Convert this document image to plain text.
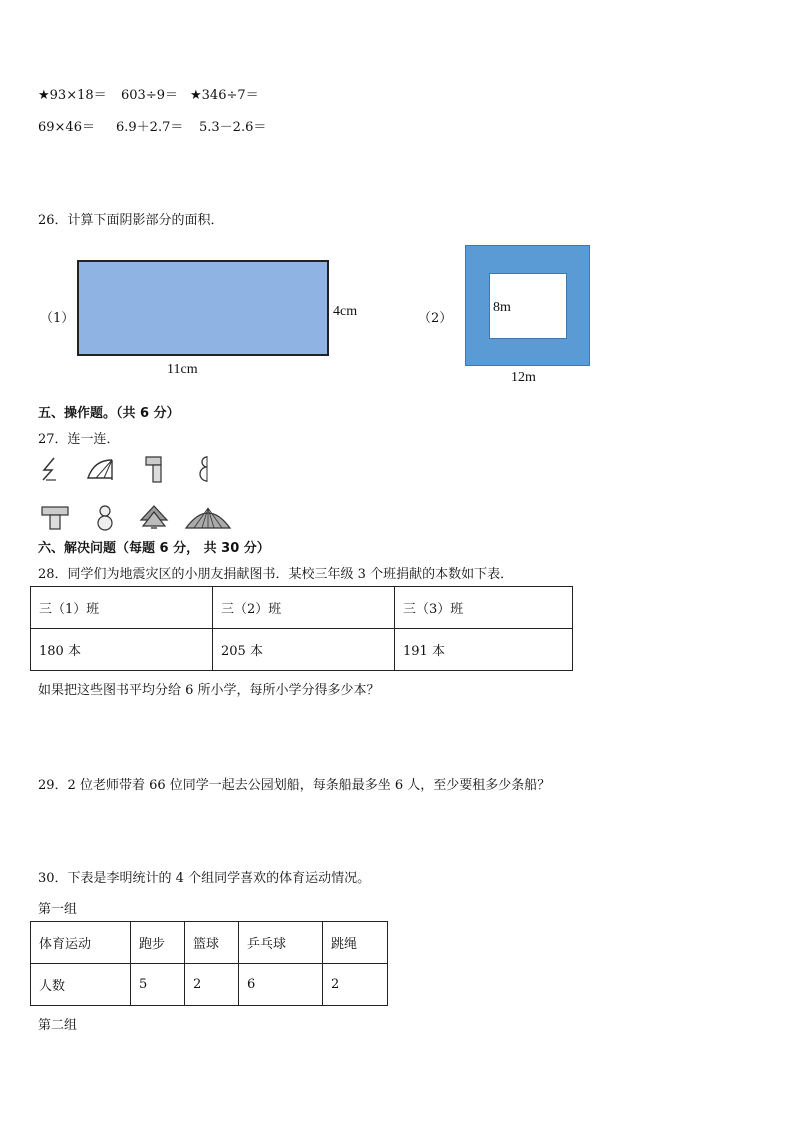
★93×18＝ 603÷9＝ ★346÷7＝
69×46＝ 6.9＋2.7＝ 5.3－2.6＝
26．计算下面阴影部分的面积．
（1）	4cm
11cm
（2）
8m
12m
五、操作题。（共 6 分）
27．连一连．
六、解决问题（每题 6 分， 共 30 分）
28．同学们为地震灾区的小朋友捐献图书．某校三年级 3 个班捐献的本数如下表．
三（1）班	三（2）班	三（3）班
180 本	205 本	191 本
如果把这些图书平均分给 6 所小学，每所小学分得多少本？
29．2 位老师带着 66 位同学一起去公园划船，每条船最多坐 6 人，至少要租多少条船？
30．下表是李明统计的 4 个组同学喜欢的体育运动情况。
第一组
体育运动	跑步	篮球	乒乓球	跳绳
人数	5	2	6	2
第二组
